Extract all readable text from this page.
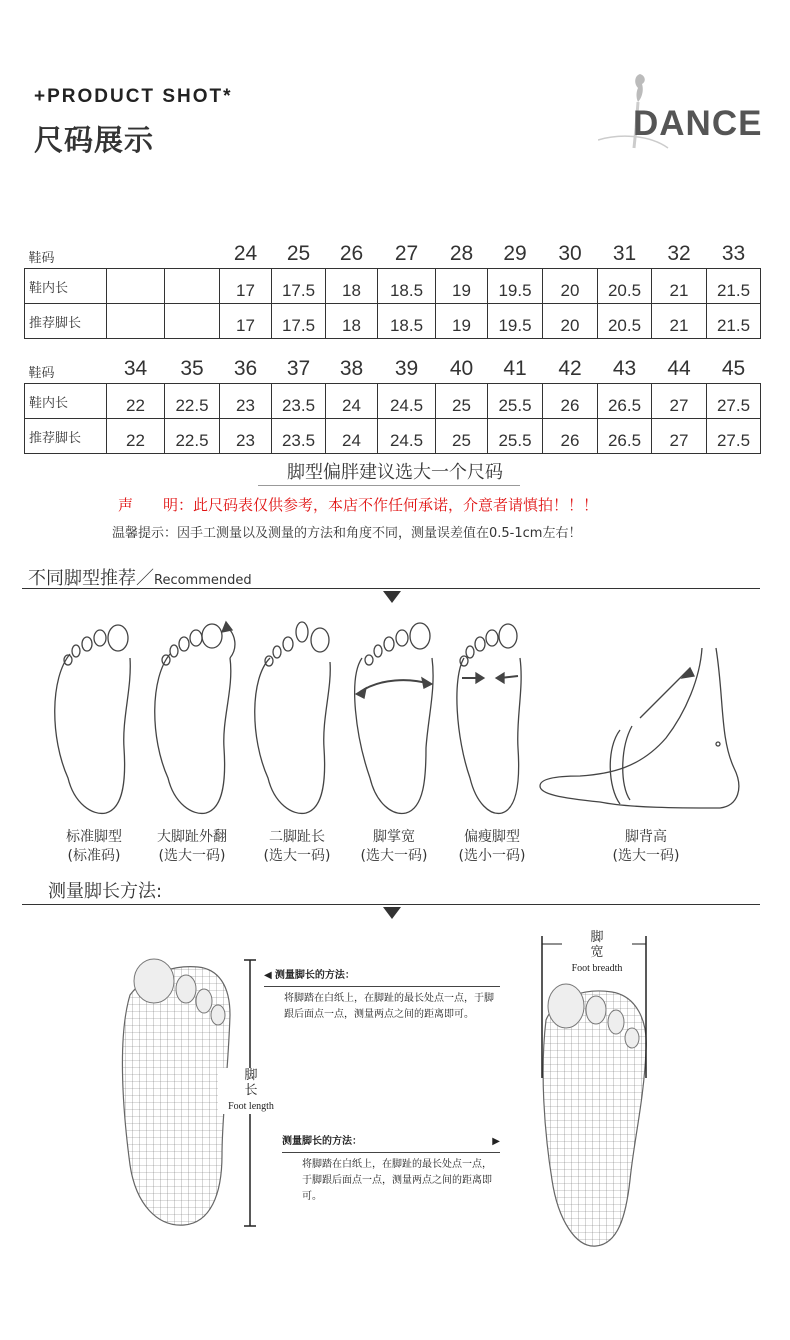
+PRODUCT SHOT*
尺码展示	DANCE
鞋码			24	25	26	27	28	29	30	31	32	33
鞋内长			17	17.5	18	18.5	19	19.5	20	20.5	21	21.5
推荐脚长			17	17.5	18	18.5	19	19.5	20	20.5	21	21.5
鞋码	34	35	36	37	38	39	40	41	42	43	44	45
鞋内长	22	22.5	23	23.5	24	24.5	25	25.5	26	26.5	27	27.5
推荐脚长	22	22.5	23	23.5	24	24.5	25	25.5	26	26.5	27	27.5
脚型偏胖建议选大一个尺码
声　　明：此尺码表仅供参考，本店不作任何承诺，介意者请慎拍！！！
温馨提示：因手工测量以及测量的方法和角度不同，测量误差值在0.5-1cm左右！
不同脚型推荐／Recommended
标准脚型
(标准码)
大脚趾外翻
(选大一码)
二脚趾长
(选大一码)
脚掌宽
(选大一码)
偏瘦脚型
(选小一码)
脚背高
(选大一码)
测量脚长方法:
脚
长
Foot length
◀ 测量脚长的方法：
将脚踏在白纸上，在脚趾的最长处点一点，于脚跟后面点一点，测量两点之间的距离即可。
测量脚长的方法：	▶
将脚踏在白纸上，在脚趾的最长处点一点，于脚跟后面点一点，测量两点之间的距离即可。
脚
宽
Foot breadth
